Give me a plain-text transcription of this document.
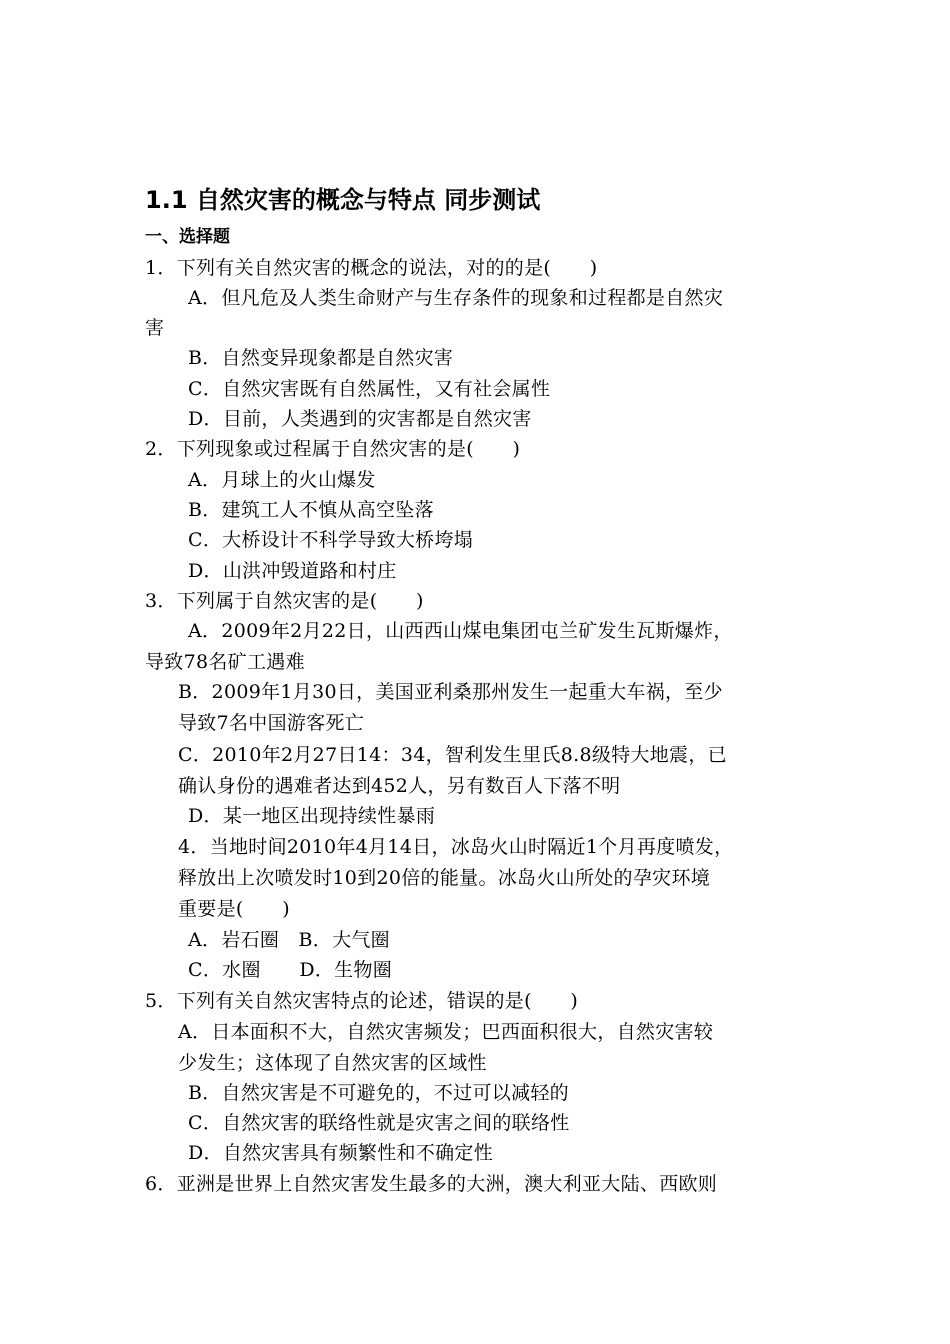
1.1 自然灾害的概念与特点 同步测试
一、选择题
1．下列有关自然灾害的概念的说法，对的的是(　　)
A．但凡危及人类生命财产与生存条件的现象和过程都是自然灾
害
B．自然变异现象都是自然灾害
C．自然灾害既有自然属性，又有社会属性
D．目前，人类遇到的灾害都是自然灾害
2．下列现象或过程属于自然灾害的是(　　)
A．月球上的火山爆发
B．建筑工人不慎从高空坠落
C．大桥设计不科学导致大桥垮塌
D．山洪冲毁道路和村庄
3．下列属于自然灾害的是(　　)
A．2009年2月22日，山西西山煤电集团屯兰矿发生瓦斯爆炸，
导致78名矿工遇难
B．2009年1月30日，美国亚利桑那州发生一起重大车祸，至少
导致7名中国游客死亡
C．2010年2月27日14：34，智利发生里氏8.8级特大地震，已
确认身份的遇难者达到452人，另有数百人下落不明
D．某一地区出现持续性暴雨
4．当地时间2010年4月14日，冰岛火山时隔近1个月再度喷发，
释放出上次喷发时10到20倍的能量。冰岛火山所处的孕灾环境
重要是(　　)
A．岩石圈　B．大气圈
C．水圈　　D．生物圈
5．下列有关自然灾害特点的论述，错误的是(　　)
A．日本面积不大，自然灾害频发；巴西面积很大，自然灾害较
少发生；这体现了自然灾害的区域性
B．自然灾害是不可避免的，不过可以减轻的
C．自然灾害的联络性就是灾害之间的联络性
D．自然灾害具有频繁性和不确定性
6．亚洲是世界上自然灾害发生最多的大洲，澳大利亚大陆、西欧则
